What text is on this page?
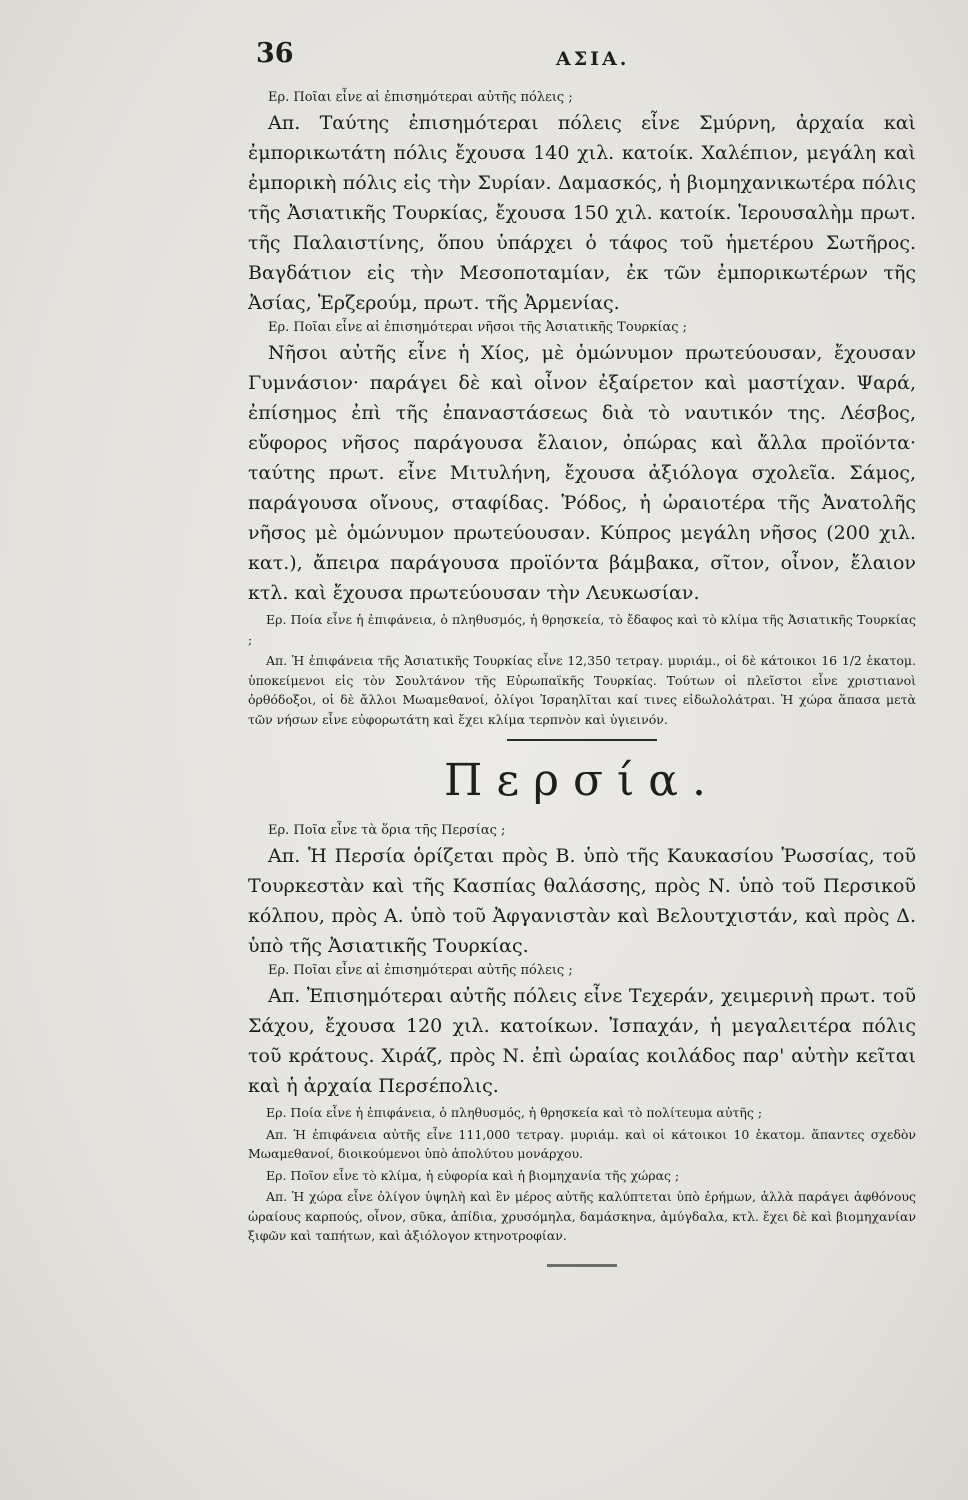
36	ΑΣΙΑ.

Ερ. Ποῖαι εἶνε αἱ ἐπισημότεραι αὐτῆς πόλεις ;

Απ. Ταύτης ἐπισημότεραι πόλεις εἶνε Σμύρνη, ἀρχαία καὶ ἐμπορικωτάτη πόλις ἔχουσα 140 χιλ. κατοίκ. Χαλέπιον, μεγάλη καὶ ἐμπορικὴ πόλις εἰς τὴν Συρίαν. Δαμασκός, ἡ βιομηχανικωτέρα πόλις τῆς Ἀσιατικῆς Τουρκίας, ἔχουσα 150 χιλ. κατοίκ. Ἱερουσαλὴμ πρωτ. τῆς Παλαιστίνης, ὅπου ὑπάρχει ὁ τάφος τοῦ ἡμετέρου Σωτῆρος. Βαγδάτιον εἰς τὴν Μεσοποταμίαν, ἐκ τῶν ἐμπορικωτέρων τῆς Ἀσίας, Ἐρζερούμ, πρωτ. τῆς Ἀρμενίας.

Ερ. Ποῖαι εἶνε αἱ ἐπισημότεραι νῆσοι τῆς Ἀσιατικῆς Τουρκίας ;

Νῆσοι αὐτῆς εἶνε ἡ Χίος, μὲ ὁμώνυμον πρωτεύουσαν, ἔχουσαν Γυμνάσιον· παράγει δὲ καὶ οἶνον ἐξαίρετον καὶ μαστίχαν. Ψαρά, ἐπίσημος ἐπὶ τῆς ἐπαναστάσεως διὰ τὸ ναυτικόν της. Λέσβος, εὔφορος νῆσος παράγουσα ἔλαιον, ὀπώρας καὶ ἄλλα προϊόντα· ταύτης πρωτ. εἶνε Μιτυλήνη, ἔχουσα ἀξιόλογα σχολεῖα. Σάμος, παράγουσα οἴνους, σταφίδας. Ῥόδος, ἡ ὡραιοτέρα τῆς Ἀνατολῆς νῆσος μὲ ὁμώνυμον πρωτεύουσαν. Κύπρος μεγάλη νῆσος (200 χιλ. κατ.), ἄπειρα παράγουσα προϊόντα βάμβακα, σῖτον, οἶνον, ἔλαιον κτλ. καὶ ἔχουσα πρωτεύουσαν τὴν Λευκωσίαν.

Ερ. Ποία εἶνε ἡ ἐπιφάνεια, ὁ πληθυσμός, ἡ θρησκεία, τὸ ἔδαφος καὶ τὸ κλίμα τῆς Ἀσιατικῆς Τουρκίας ;

Απ. Ἡ ἐπιφάνεια τῆς Ἀσιατικῆς Τουρκίας εἶνε 12,350 τετραγ. μυριάμ., οἱ δὲ κάτοικοι 16 1/2 ἑκατομ. ὑποκείμενοι εἰς τὸν Σουλτάνον τῆς Εὐρωπαϊκῆς Τουρκίας. Τούτων οἱ πλεῖστοι εἶνε χριστιανοὶ ὀρθόδοξοι, οἱ δὲ ἄλλοι Μωαμεθανοί, ὀλίγοι Ἰσραηλῖται καί τινες εἰδωλολάτραι. Ἡ χώρα ἅπασα μετὰ τῶν νήσων εἶνε εὐφορωτάτη καὶ ἔχει κλίμα τερπνὸν καὶ ὑγιεινόν.

Περσία.

Ερ. Ποῖα εἶνε τὰ ὅρια τῆς Περσίας ;

Απ. Ἡ Περσία ὁρίζεται πρὸς Β. ὑπὸ τῆς Καυκασίου Ῥωσσίας, τοῦ Τουρκεστὰν καὶ τῆς Κασπίας θαλάσσης, πρὸς Ν. ὑπὸ τοῦ Περσικοῦ κόλπου, πρὸς Α. ὑπὸ τοῦ Ἀφγανιστὰν καὶ Βελουτχιστάν, καὶ πρὸς Δ. ὑπὸ τῆς Ἀσιατικῆς Τουρκίας.

Ερ. Ποῖαι εἶνε αἱ ἐπισημότεραι αὐτῆς πόλεις ;

Απ. Ἐπισημότεραι αὐτῆς πόλεις εἶνε Τεχεράν, χειμερινὴ πρωτ. τοῦ Σάχου, ἔχουσα 120 χιλ. κατοίκων. Ἰσπαχάν, ἡ μεγαλειτέρα πόλις τοῦ κράτους. Χιράζ, πρὸς Ν. ἐπὶ ὡραίας κοιλάδος παρ' αὐτὴν κεῖται καὶ ἡ ἀρχαία Περσέπολις.

Ερ. Ποία εἶνε ἡ ἐπιφάνεια, ὁ πληθυσμός, ἡ θρησκεία καὶ τὸ πολίτευμα αὐτῆς ;

Απ. Ἡ ἐπιφάνεια αὐτῆς εἶνε 111,000 τετραγ. μυριάμ. καὶ οἱ κάτοικοι 10 ἑκατομ. ἅπαντες σχεδὸν Μωαμεθανοί, διοικούμενοι ὑπὸ ἀπολύτου μονάρχου.

Ερ. Ποῖον εἶνε τὸ κλίμα, ἡ εὐφορία καὶ ἡ βιομηχανία τῆς χώρας ;

Απ. Ἡ χώρα εἶνε ὀλίγον ὑψηλὴ καὶ ἓν μέρος αὐτῆς καλύπτεται ὑπὸ ἐρήμων, ἀλλὰ παράγει ἀφθόνους ὡραίους καρπούς, οἶνον, σῦκα, ἀπίδια, χρυσόμηλα, δαμάσκηνα, ἀμύγδαλα, κτλ. ἔχει δὲ καὶ βιομηχανίαν ξιφῶν καὶ ταπήτων, καὶ ἀξιόλογον κτηνοτροφίαν.
